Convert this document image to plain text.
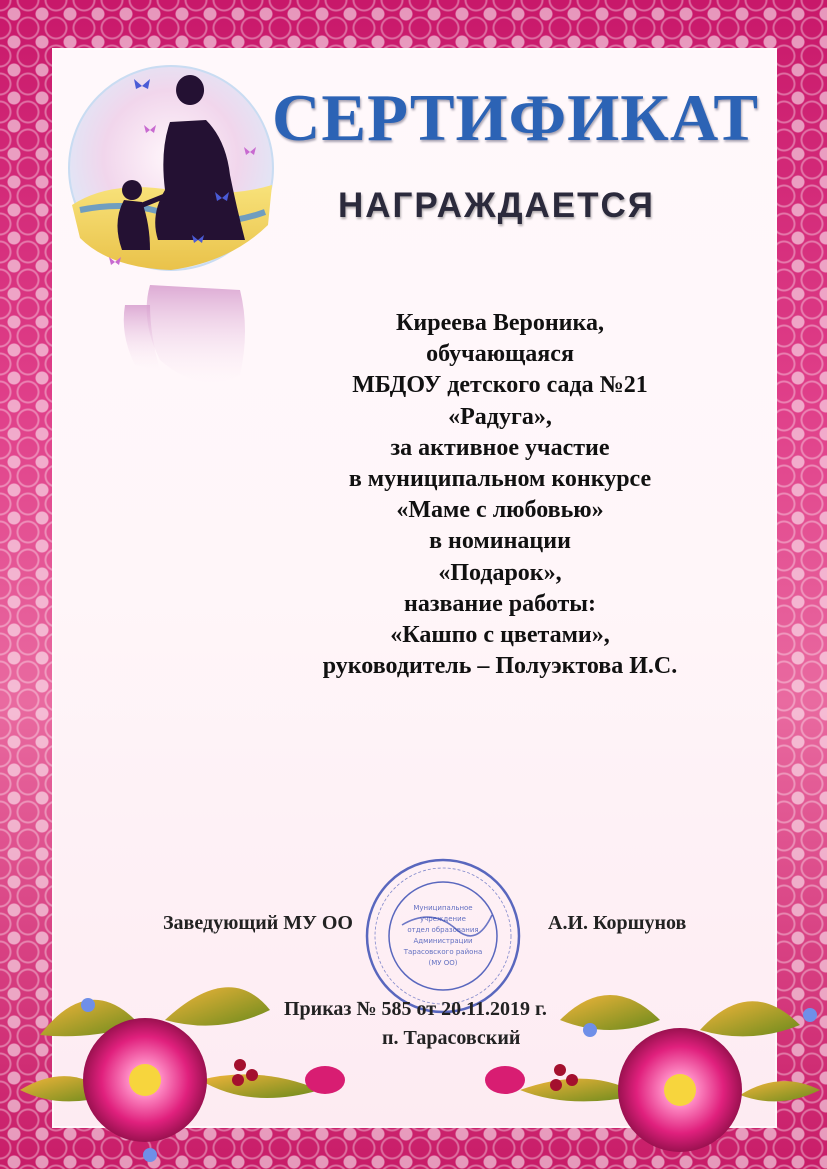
СЕРТИФИКАТ
НАГРАЖДАЕТСЯ
Киреева Вероника,
обучающаяся
МБДОУ детского сада №21
«Радуга»,
за активное участие
в муниципальном конкурсе
«Маме с любовью»
в номинации
«Подарок»,
название работы:
«Кашпо с цветами»,
руководитель – Полуэктова И.С.
Муниципальное
учреждение
отдел образования
Администрации
Тарасовского района
(МУ ОО)
Заведующий МУ ОО	А.И. Коршунов
Приказ № 585 от 20.11.2019 г.
п. Тарасовский
